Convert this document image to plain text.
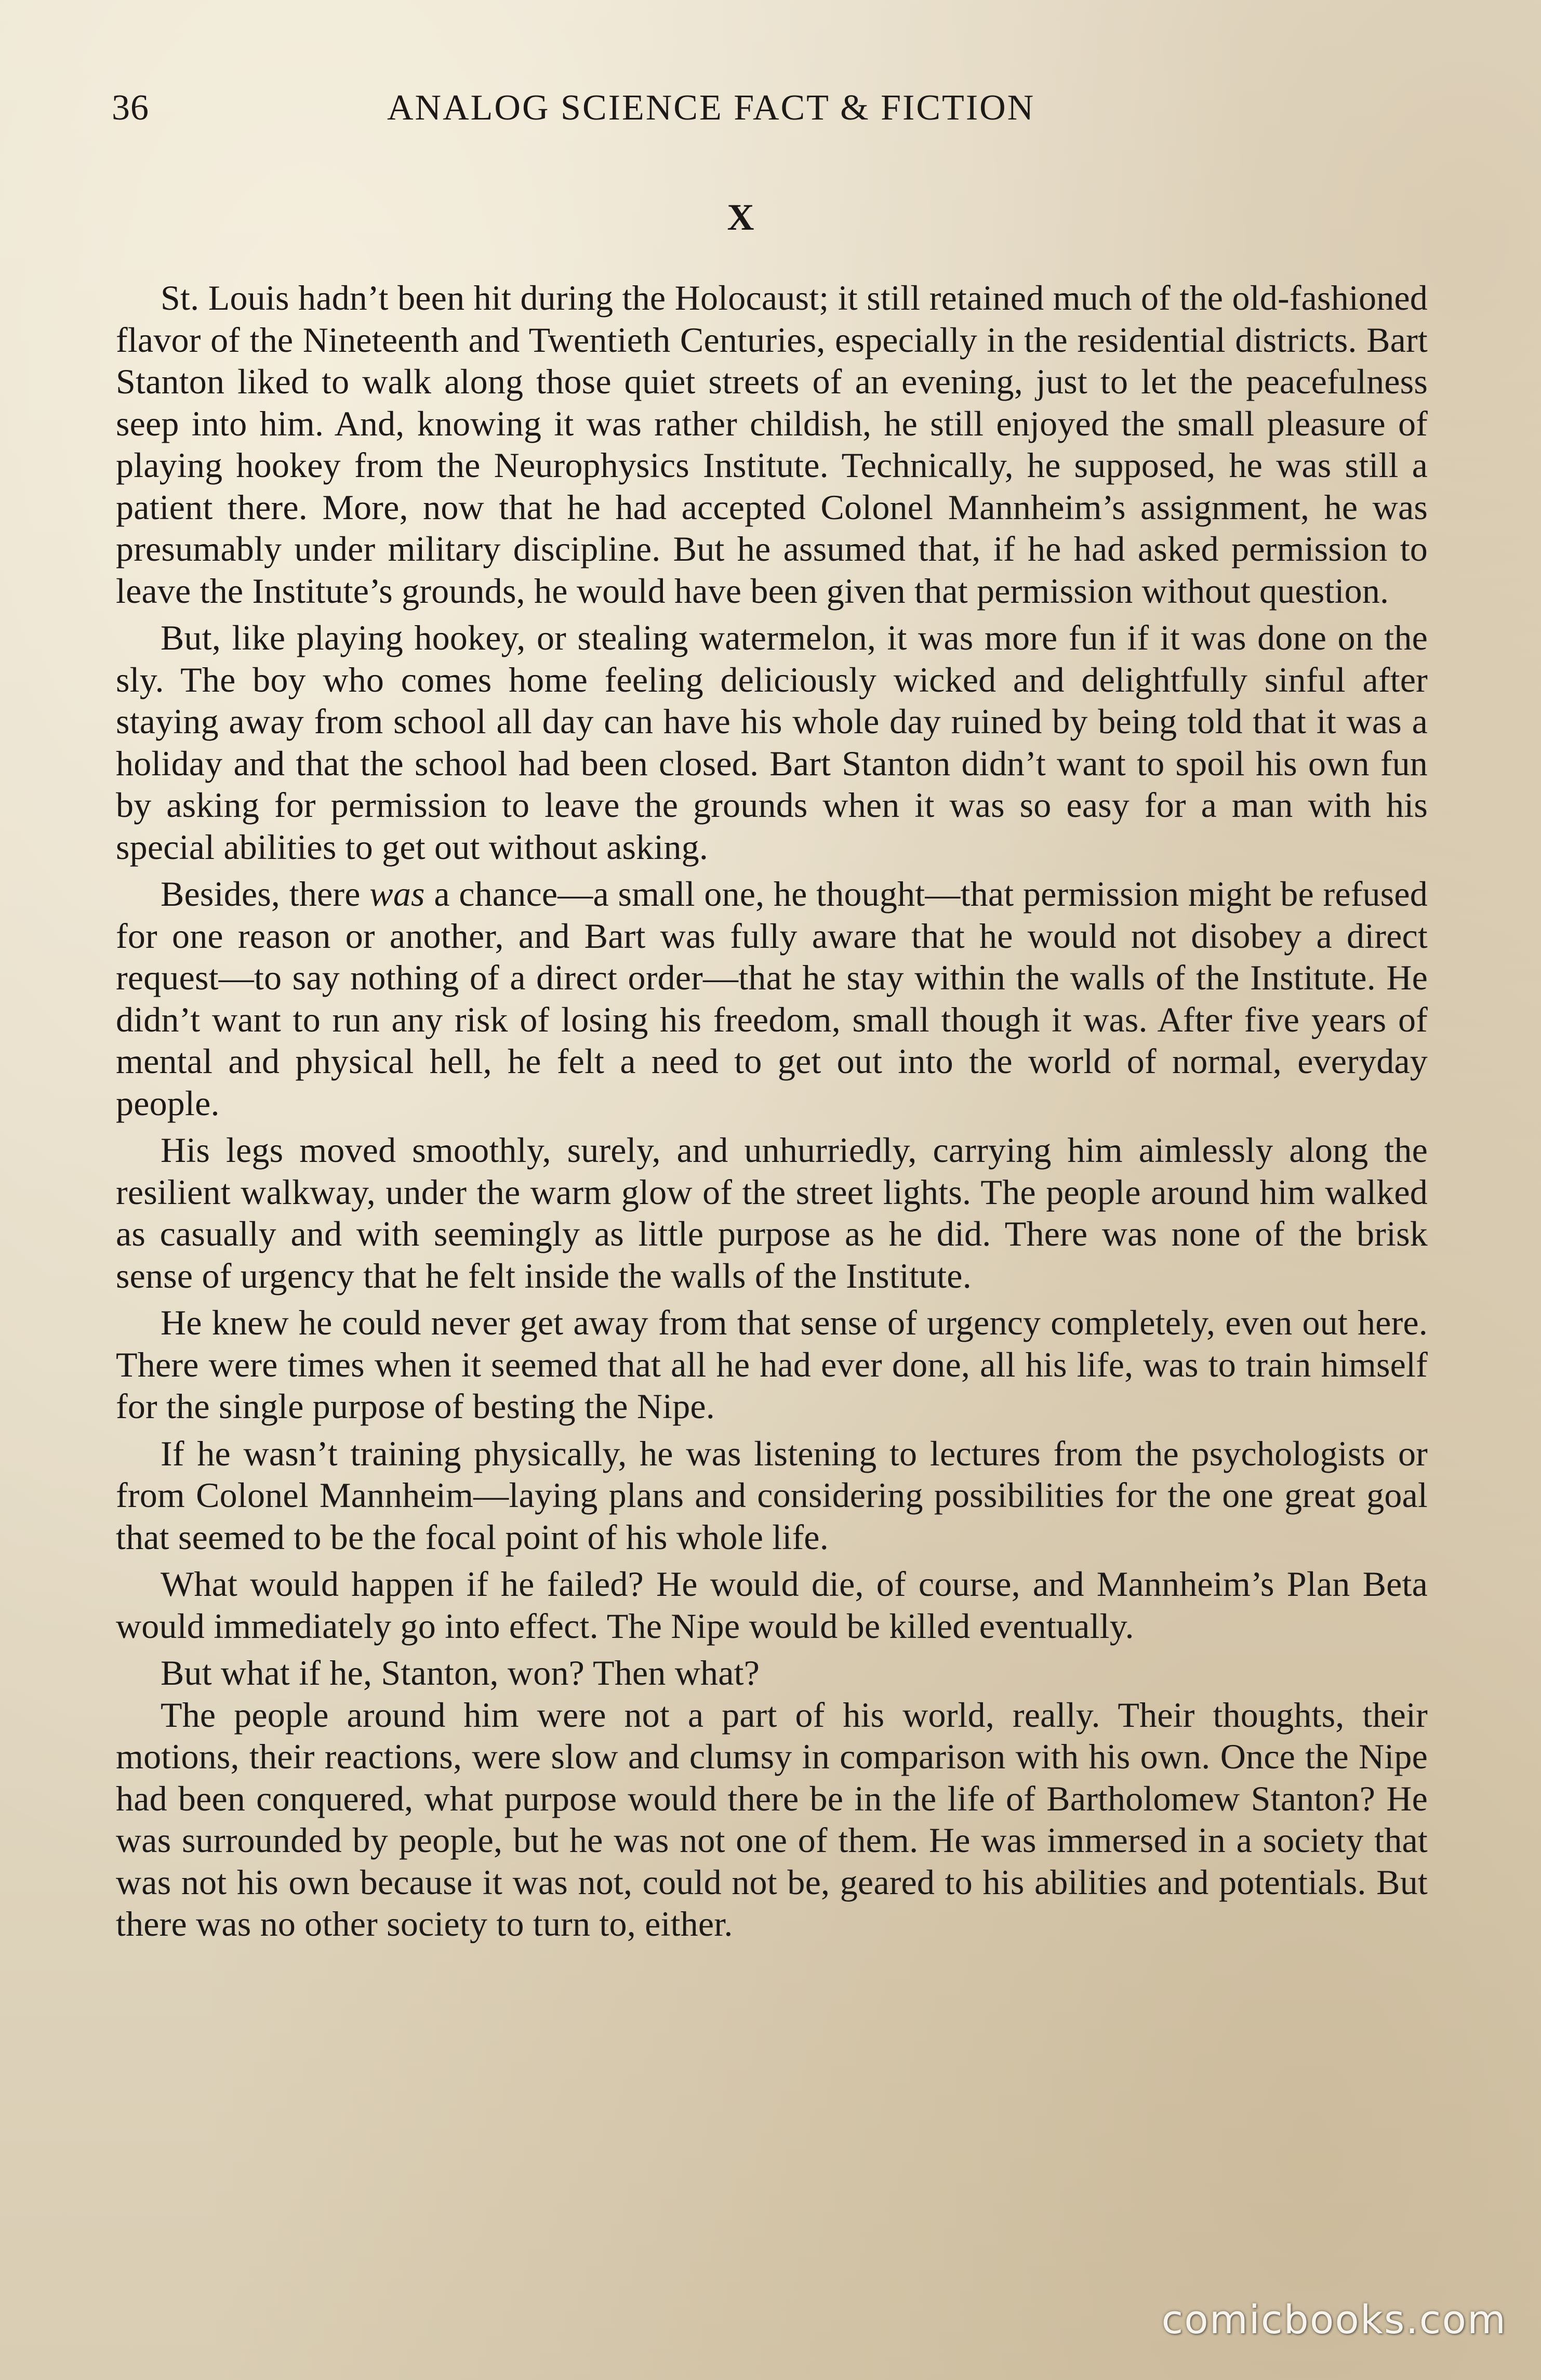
36	ANALOG SCIENCE FACT & FICTION
X

St. Louis hadn’t been hit during the Holocaust; it still retained much of the old-fashioned flavor of the Nineteenth and Twentieth Centuries, especially in the residential districts. Bart Stanton liked to walk along those quiet streets of an evening, just to let the peacefulness seep into him. And, knowing it was rather childish, he still enjoyed the small pleasure of playing hookey from the Neurophysics Institute. Technically, he supposed, he was still a patient there. More, now that he had accepted Colonel Mannheim’s assignment, he was presumably under military discipline. But he assumed that, if he had asked permission to leave the Institute’s grounds, he would have been given that permission without question.

But, like playing hookey, or stealing watermelon, it was more fun if it was done on the sly. The boy who comes home feeling deliciously wicked and delightfully sinful after staying away from school all day can have his whole day ruined by being told that it was a holiday and that the school had been closed. Bart Stanton didn’t want to spoil his own fun by asking for permission to leave the grounds when it was so easy for a man with his special abilities to get out without asking.

Besides, there was a chance—a small one, he thought—that permission might be refused for one reason or another, and Bart was fully aware that he would not disobey a direct request—to say nothing of a direct order—that he stay within the walls of the Institute. He didn’t want to run any risk of losing his freedom, small though it was. After five years of mental and physical hell, he felt a need to get out into the world of normal, everyday people.

His legs moved smoothly, surely, and unhurriedly, carrying him aimlessly along the resilient walkway, under the warm glow of the street lights. The people around him walked as casually and with seemingly as little purpose as he did. There was none of the brisk sense of urgency that he felt inside the walls of the Institute.

He knew he could never get away from that sense of urgency completely, even out here. There were times when it seemed that all he had ever done, all his life, was to train himself for the single purpose of besting the Nipe.

If he wasn’t training physically, he was listening to lectures from the psychologists or from Colonel Mannheim—laying plans and considering possibilities for the one great goal that seemed to be the focal point of his whole life.

What would happen if he failed? He would die, of course, and Mannheim’s Plan Beta would immediately go into effect. The Nipe would be killed eventually.

But what if he, Stanton, won? Then what?

The people around him were not a part of his world, really. Their thoughts, their motions, their reactions, were slow and clumsy in comparison with his own. Once the Nipe had been conquered, what purpose would there be in the life of Bartholomew Stanton? He was surrounded by people, but he was not one of them. He was immersed in a society that was not his own because it was not, could not be, geared to his abilities and potentials. But there was no other society to turn to, either.

comicbooks.com
